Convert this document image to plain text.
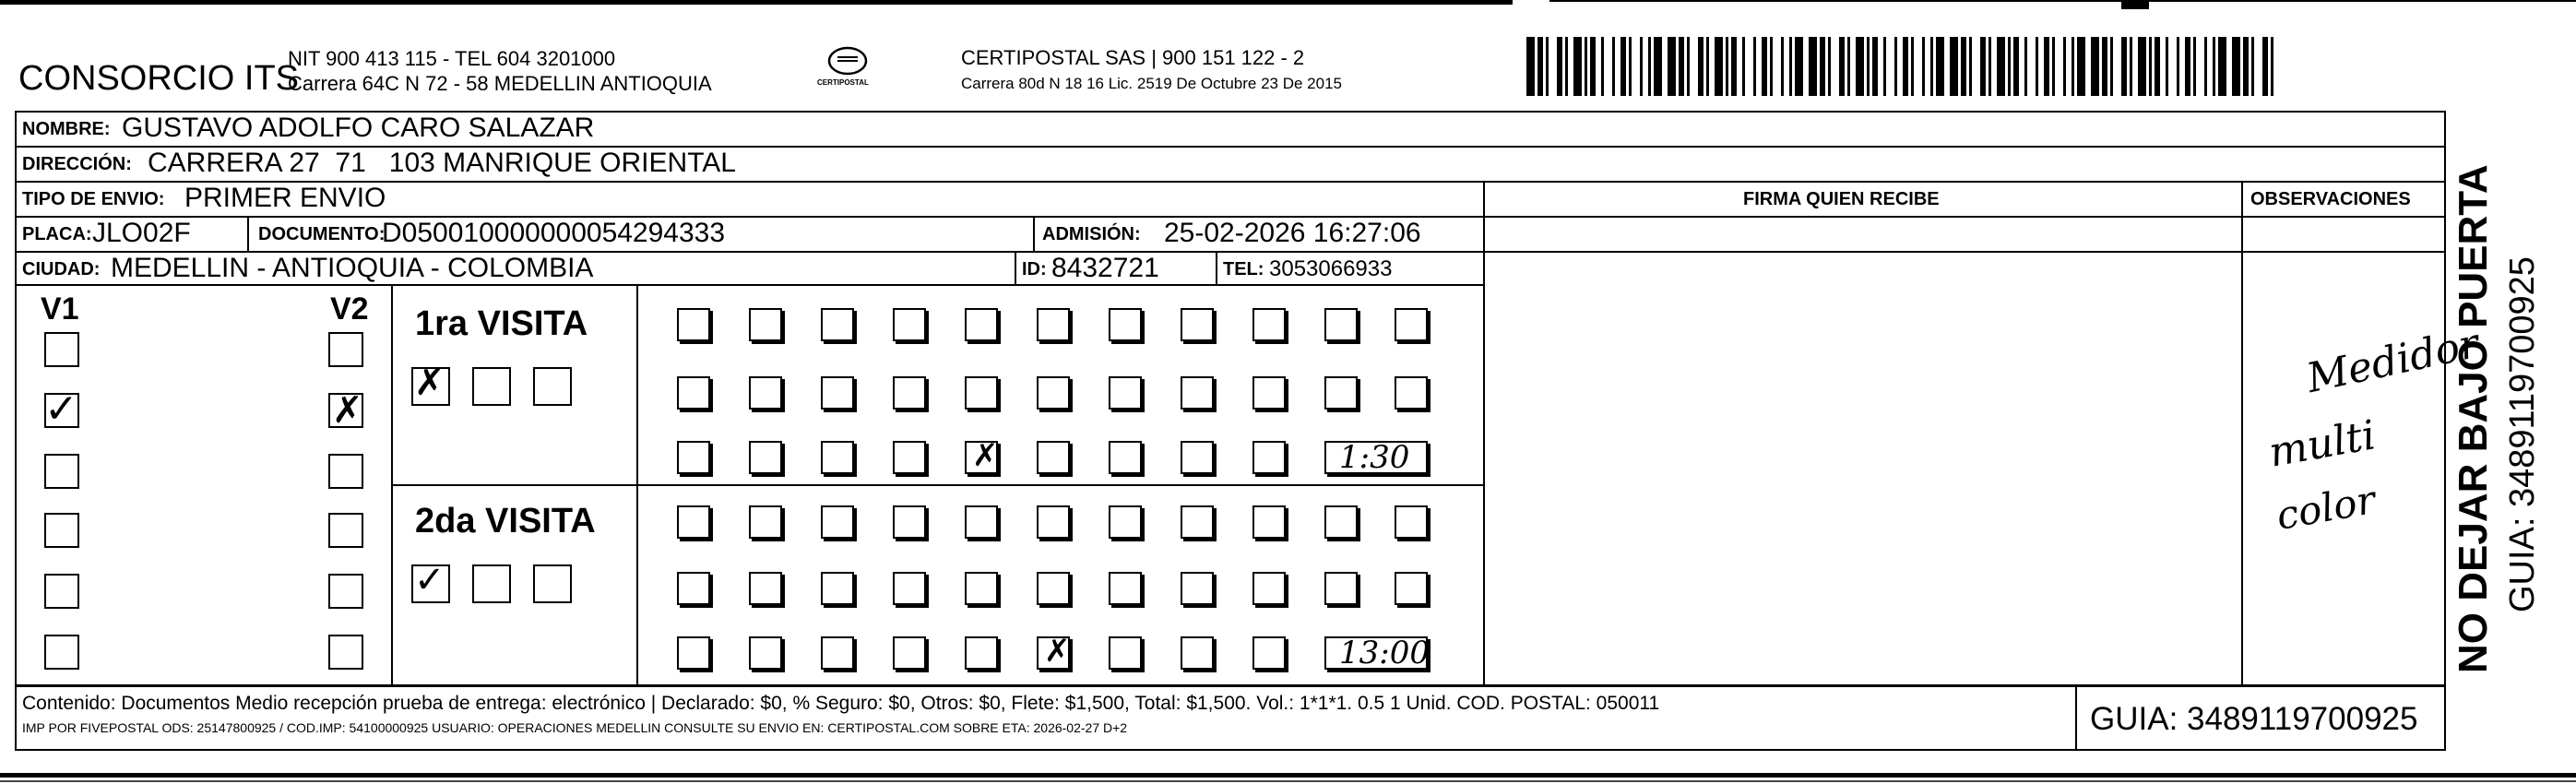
CONSORCIO ITS
NIT 900 413 115 - TEL 604 3201000
Carrera 64C N 72 - 58 MEDELLIN ANTIOQUIA	CERTIPOSTAL
CERTIPOSTAL SAS | 900 151 122 - 2
Carrera 80d N 18 16 Lic. 2519 De Octubre 23 De 2015
NOMBRE: GUSTAVO ADOLFO CARO SALAZAR
DIRECCIÓN: CARRERA 27  71   103 MANRIQUE ORIENTAL
TIPO DE ENVIO: PRIMER ENVIO	FIRMA QUIEN RECIBE	OBSERVACIONES
PLACA: JLO02F	DOCUMENTO:
D050010000000054294333	ADMISIÓN: 25-02-2026 16:27:06
CIUDAD: MEDELLIN - ANTIOQUIA - COLOMBIA	ID: 8432721	TEL: 3053066933
V1	V2
✓	✗
1ra VISITA
2da VISITA
✗
✓
✗	1:30
✗	13:00
Medidor
multi
color NO DEJAR BAJO PUERTA GUIA: 3489119700925
Contenido: Documentos Medio recepción prueba de entrega: electrónico | Declarado: $0, % Seguro: $0, Otros: $0, Flete: $1,500, Total: $1,500. Vol.: 1*1*1. 0.5 1 Unid. COD. POSTAL: 050011
IMP POR FIVEPOSTAL ODS: 25147800925 / COD.IMP: 54100000925 USUARIO: OPERACIONES MEDELLIN CONSULTE SU ENVIO EN: CERTIPOSTAL.COM SOBRE ETA: 2026-02-27 D+2	GUIA: 3489119700925
